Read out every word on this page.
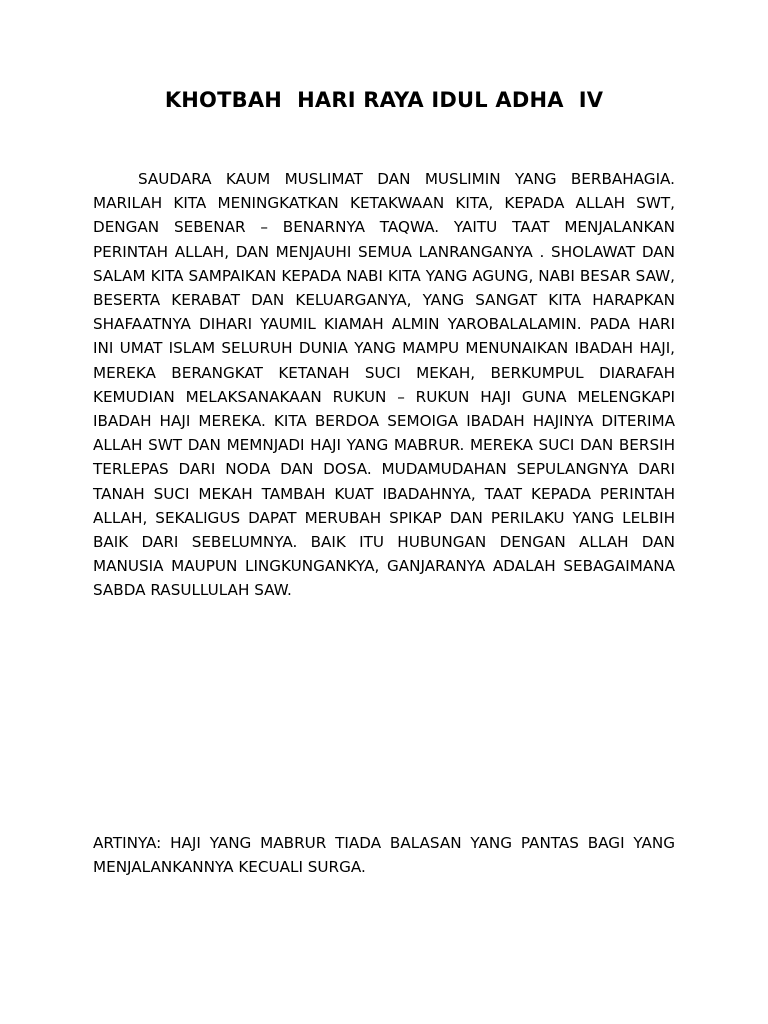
KHOTBAH  HARI RAYA IDUL ADHA  IV

SAUDARA KAUM MUSLIMAT DAN MUSLIMIN YANG BERBAHAGIA. MARILAH KITA MENINGKATKAN KETAKWAAN KITA, KEPADA ALLAH SWT, DENGAN SEBENAR – BENARNYA TAQWA. YAITU TAAT MENJALANKAN PERINTAH ALLAH, DAN MENJAUHI SEMUA LANRANGANYA . SHOLAWAT DAN SALAM KITA SAMPAIKAN KEPADA NABI KITA YANG AGUNG, NABI BESAR SAW, BESERTA KERABAT DAN KELUARGANYA, YANG SANGAT KITA HARAPKAN SHAFAATNYA DIHARI YAUMIL KIAMAH ALMIN YAROBALALAMIN. PADA HARI INI UMAT ISLAM SELURUH DUNIA YANG MAMPU MENUNAIKAN IBADAH HAJI, MEREKA BERANGKAT KETANAH SUCI MEKAH, BERKUMPUL DIARAFAH KEMUDIAN MELAKSANAKAAN RUKUN – RUKUN HAJI GUNA MELENGKAPI IBADAH HAJI MEREKA. KITA BERDOA SEMOIGA IBADAH HAJINYA DITERIMA ALLAH SWT DAN MEMNJADI HAJI YANG MABRUR. MEREKA SUCI DAN BERSIH TERLEPAS DARI NODA DAN DOSA. MUDAMUDAHAN SEPULANGNYA DARI TANAH SUCI MEKAH TAMBAH KUAT IBADAHNYA, TAAT KEPADA PERINTAH ALLAH, SEKALIGUS DAPAT MERUBAH SPIKAP DAN PERILAKU YANG LELBIH BAIK DARI SEBELUMNYA. BAIK ITU HUBUNGAN DENGAN ALLAH DAN MANUSIA MAUPUN LINGKUNGANKYA, GANJARANYA ADALAH SEBAGAIMANA SABDA RASULLULAH SAW.

ARTINYA: HAJI YANG MABRUR TIADA BALASAN YANG PANTAS BAGI YANG MENJALANKANNYA KECUALI SURGA.
